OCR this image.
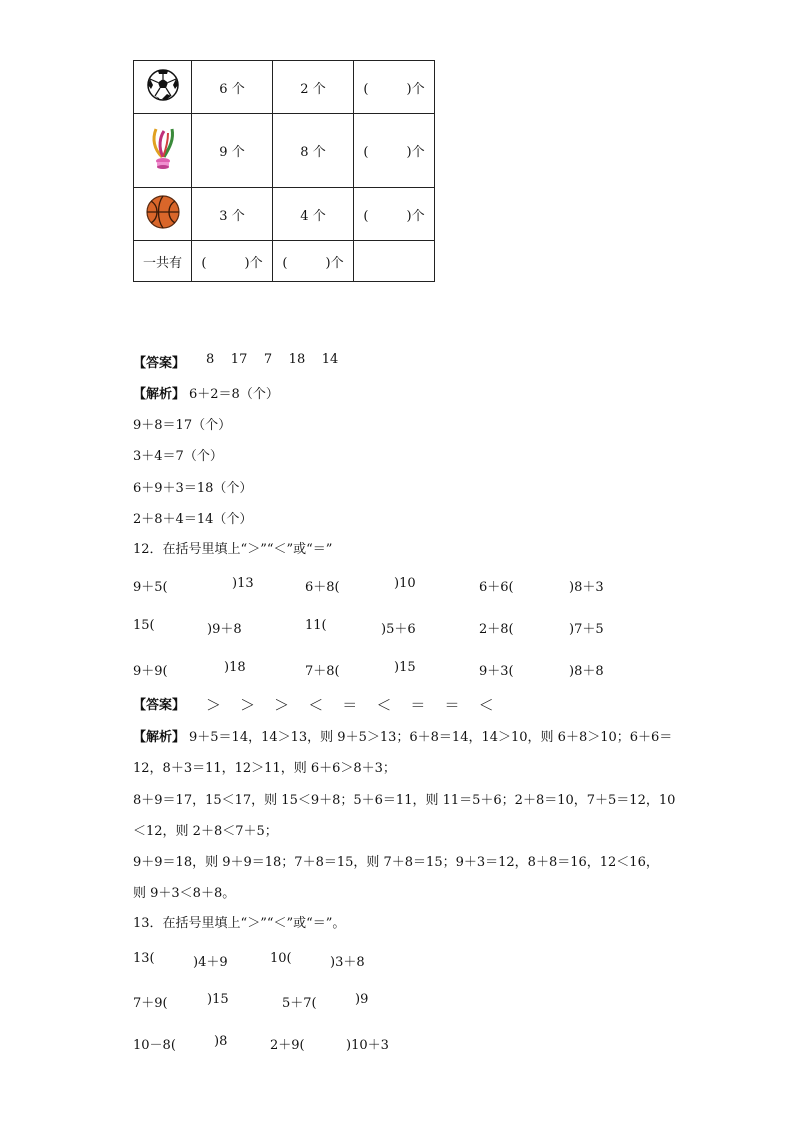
	6 个	2 个	( )个
	9 个	8 个	( )个
	3 个	4 个	( )个
一共有	( )个	( )个	
【答案】 8    17    7    18    14
【解析】 6＋2＝8（个）
9＋8＝17（个）
3＋4＝7（个）
6＋9＋3＝18（个）
2＋8＋4＝14（个）
12．在括号里填上“＞”“＜”或“＝”
9＋5(	)13	6＋8(	)10	6＋6(	)8＋3
15(	)9＋8	11(	)5＋6	2＋8(	)7＋5
9＋9(	)18	7＋8(	)15	9＋3(	)8＋8
【答案】 ＞    ＞    ＞    ＜    ＝    ＜    ＝    ＝    ＜
【解析】 9＋5＝14，14＞13，则 9＋5＞13；6＋8＝14，14＞10，则 6＋8＞10；6＋6＝
12，8＋3＝11，12＞11，则 6＋6＞8＋3；
8＋9＝17，15＜17，则 15＜9＋8；5＋6＝11，则 11＝5＋6；2＋8＝10，7＋5＝12，10
＜12，则 2＋8＜7＋5；
9＋9＝18，则 9＋9＝18；7＋8＝15，则 7＋8＝15；9＋3＝12，8＋8＝16，12＜16，
则 9＋3＜8＋8。
13．在括号里填上“＞”“＜”或“＝”。
13(	)4＋9	10(	)3＋8
7＋9(	)15	5＋7(	)9
10－8(	)8	2＋9(	)10＋3
